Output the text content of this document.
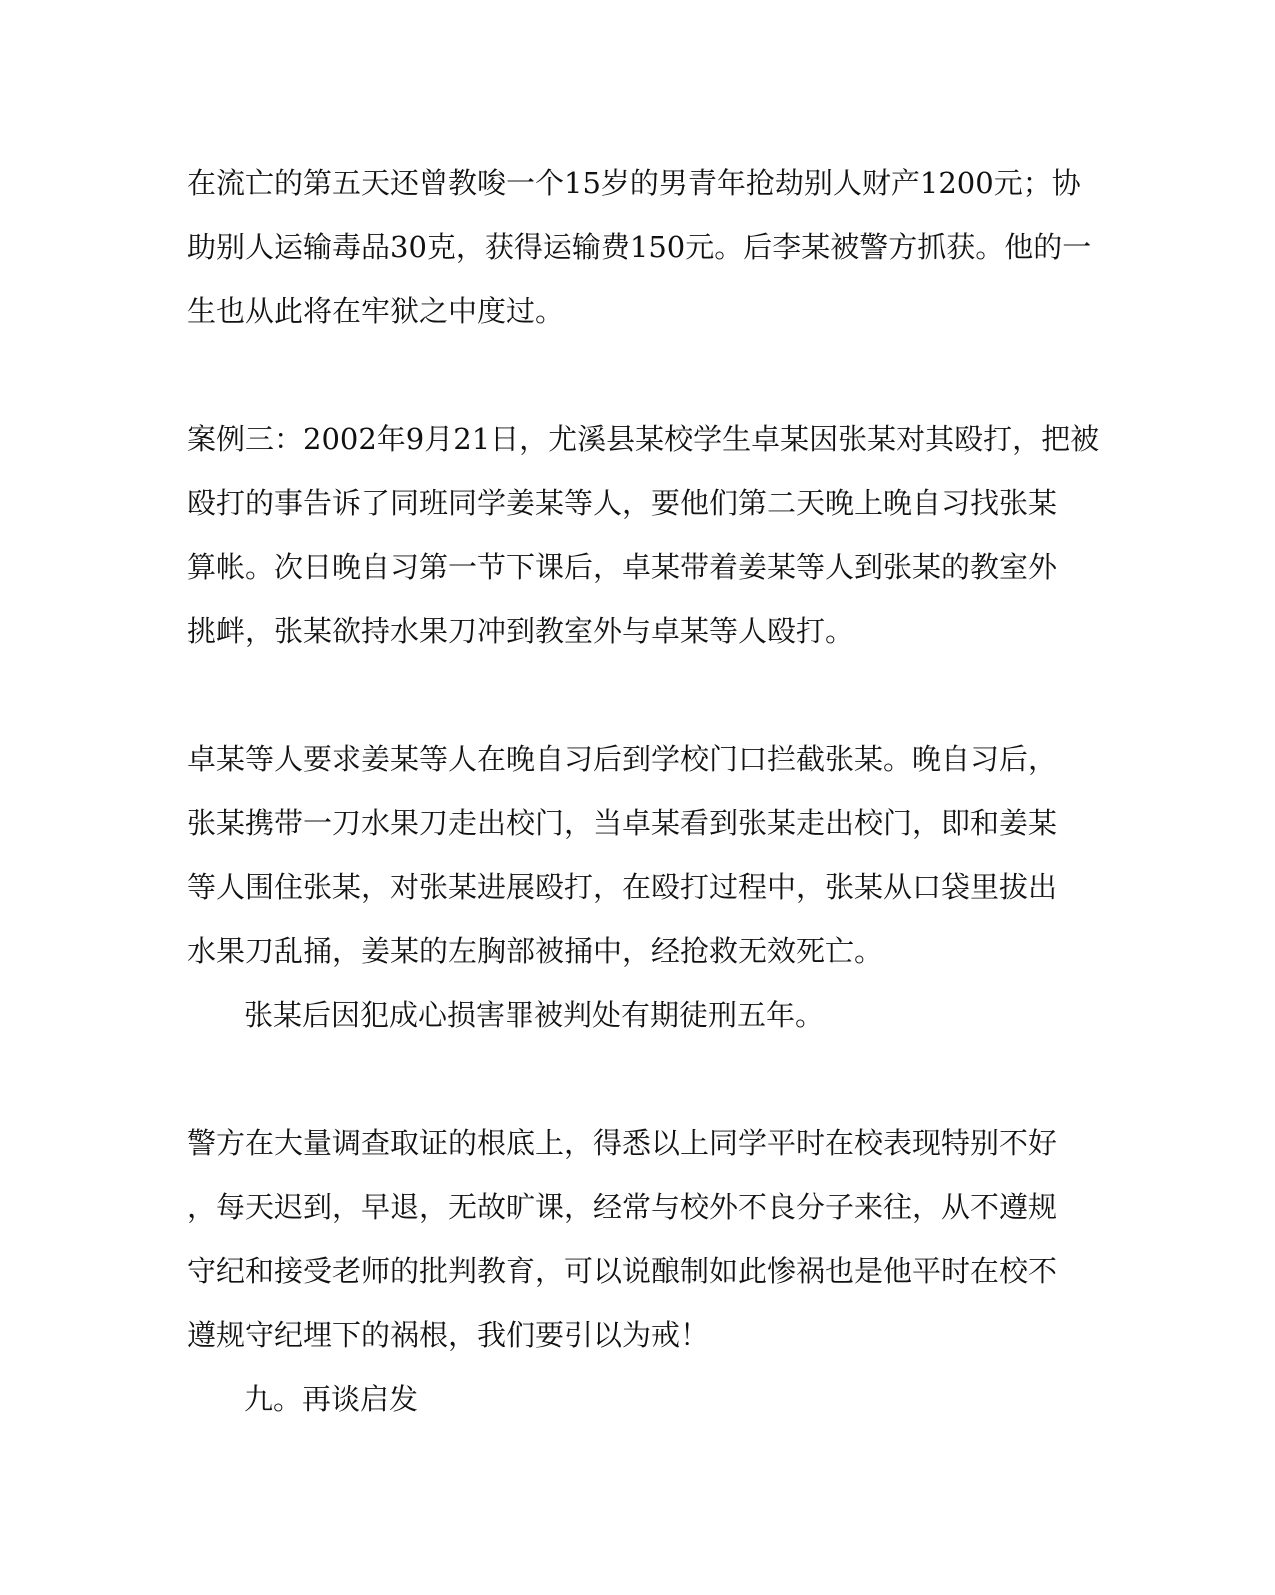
在流亡的第五天还曾教唆一个15岁的男青年抢劫别人财产1200元；协

助别人运输毒品30克，获得运输费150元。后李某被警方抓获。他的一

生也从此将在牢狱之中度过。

案例三：2002年9月21日，尤溪县某校学生卓某因张某对其殴打，把被

殴打的事告诉了同班同学姜某等人，要他们第二天晚上晚自习找张某

算帐。次日晚自习第一节下课后，卓某带着姜某等人到张某的教室外

挑衅，张某欲持水果刀冲到教室外与卓某等人殴打。

卓某等人要求姜某等人在晚自习后到学校门口拦截张某。晚自习后，

张某携带一刀水果刀走出校门，当卓某看到张某走出校门，即和姜某

等人围住张某，对张某进展殴打，在殴打过程中，张某从口袋里拔出

水果刀乱捅，姜某的左胸部被捅中，经抢救无效死亡。

张某后因犯成心损害罪被判处有期徒刑五年。

警方在大量调查取证的根底上，得悉以上同学平时在校表现特别不好

，每天迟到，早退，无故旷课，经常与校外不良分子来往，从不遵规

守纪和接受老师的批判教育，可以说酿制如此惨祸也是他平时在校不

遵规守纪埋下的祸根，我们要引以为戒！

九。再谈启发
